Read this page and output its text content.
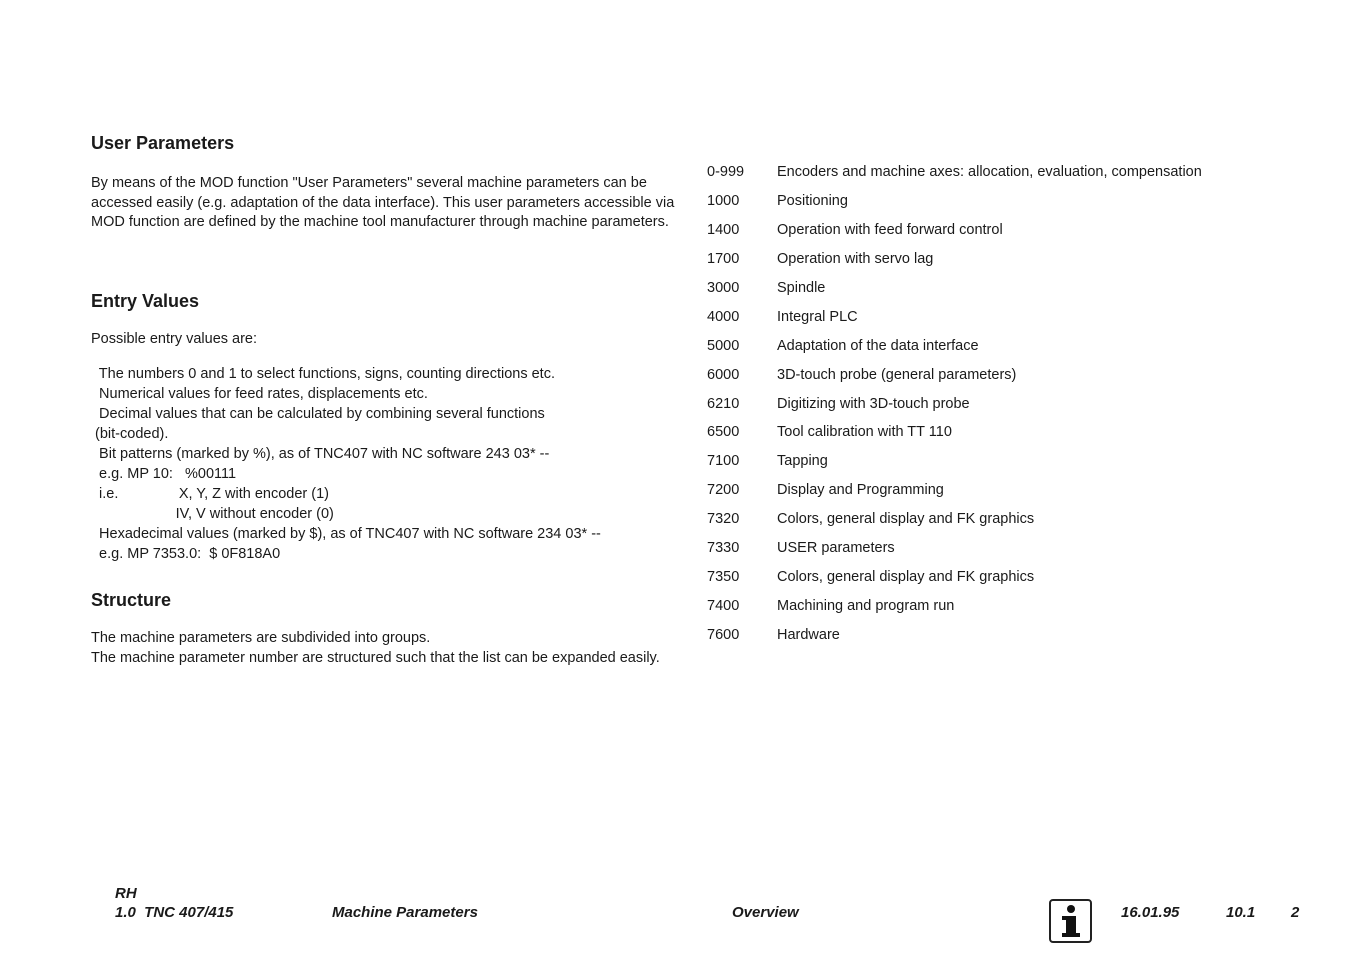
User Parameters

By means of the MOD function "User Parameters" several machine parameters can be accessed easily (e.g. adaptation of the data interface). This user parameters accessible via MOD function are defined by the machine tool manufacturer through machine parameters.

Entry Values

Possible entry values are:

The numbers 0 and 1 to select functions, signs, counting directions etc.
Numerical values for feed rates, displacements etc.
Decimal values that can be calculated by combining several functions
(bit-coded).
Bit patterns (marked by %), as of TNC407 with NC software 243 03* --
e.g. MP 10:   %00111
i.e.               X, Y, Z with encoder (1)
IV, V without encoder (0)
Hexadecimal values (marked by $), as of TNC407 with NC software 234 03* --
e.g. MP 7353.0:  $ 0F818A0
Structure

The machine parameters are subdivided into groups.

The machine parameter number are structured such that the list can be expanded easily.

0-999	Encoders and machine axes: allocation, evaluation, compensation
1000	Positioning
1400	Operation with feed forward control
1700	Operation with servo lag
3000	Spindle
4000	Integral PLC
5000	Adaptation of the data interface
6000	3D-touch probe (general parameters)
6210	Digitizing with 3D-touch probe
6500	Tool calibration with TT 110
7100	Tapping
7200	Display and Programming
7320	Colors, general display and FK graphics
7330	USER parameters
7350	Colors, general display and FK graphics
7400	Machining and program run
7600	Hardware
RH
1.0  TNC 407/415	Machine Parameters	Overview	16.01.95	10.1 2
